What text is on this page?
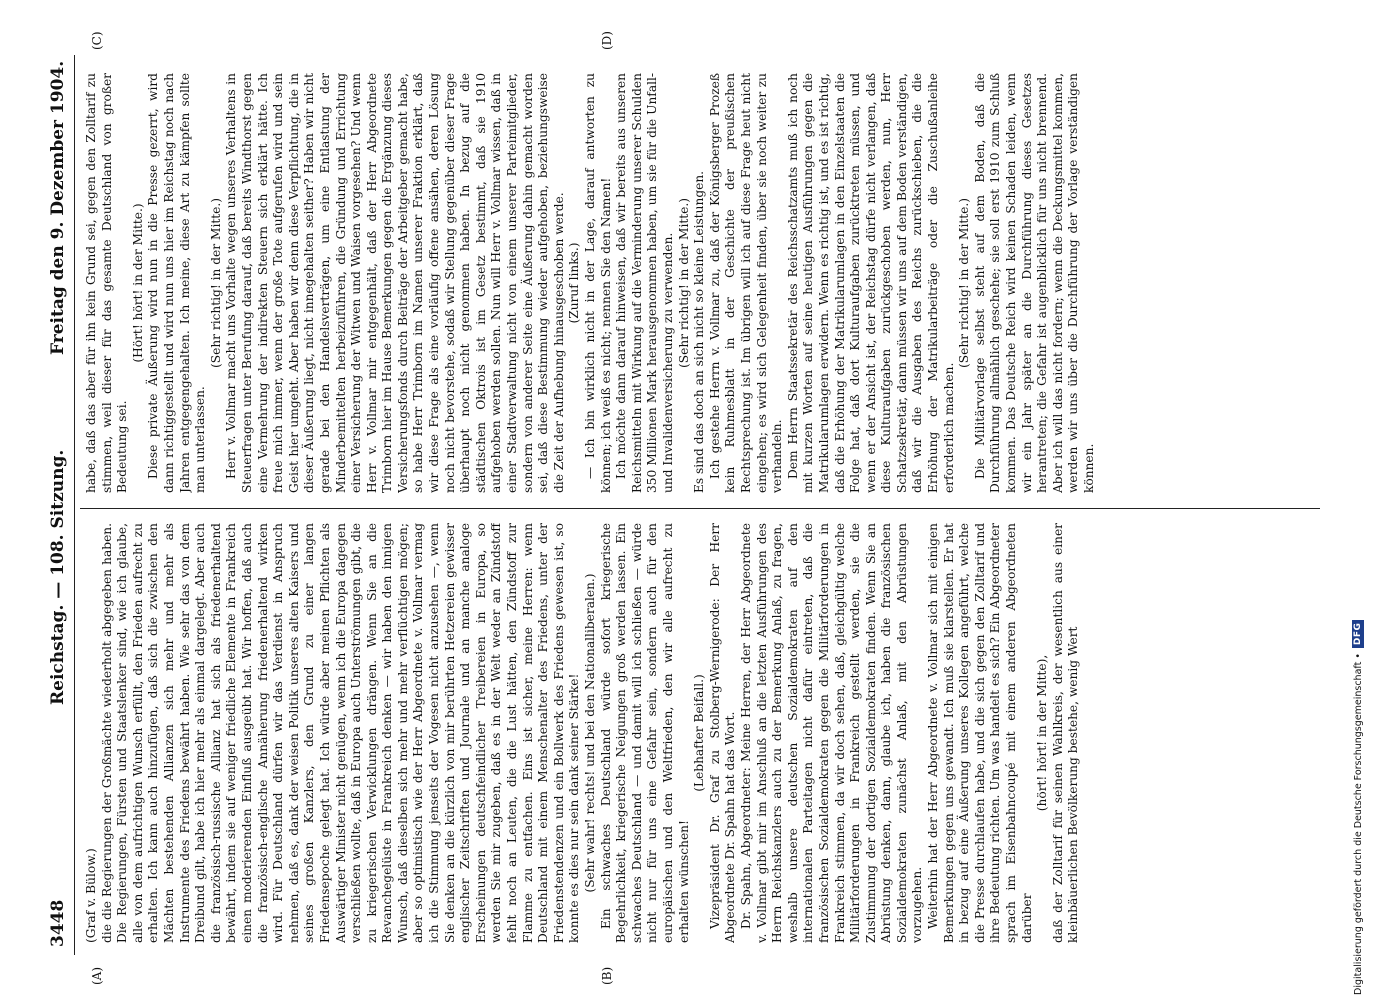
3448
Reichstag. — 108. Sitzung.
Freitag den 9. Dezember 1904.
(A)	(B)
(C)	(D)

(Graf v. Bülow.) die die Regierungen der Großmächte wiederholt abgegeben haben. Die Regierungen, Fürsten und Staatslenker sind, wie ich glaube, alle von dem aufrichtigen Wunsch erfüllt, den Frieden aufrecht zu erhalten. Ich kann auch hinzufügen, daß sich die zwischen den Mächten bestehenden Allianzen sich mehr und mehr als Instrumente des Friedens bewährt haben. Wie sehr das von dem Dreibund gilt, habe ich hier mehr als einmal dargelegt. Aber auch die französisch-russische Allianz hat sich als friedenerhaltend bewährt, indem sie auf weniger friedliche Elemente in Frankreich einen moderierenden Einfluß ausgeübt hat. Wir hoffen, daß auch die französisch-englische Annäherung friedenerhaltend wirken wird. Für Deutschland dürfen wir das Verdienst in Anspruch nehmen, daß es, dank der weisen Politik unseres alten Kaisers und seines großen Kanzlers, den Grund zu einer langen Friedensepoche gelegt hat. Ich würde aber meinen Pflichten als Auswärtiger Minister nicht genügen, wenn ich die Europa dagegen verschließen wollte, daß in Europa auch Unterströmungen gibt, die zu kriegerischen Verwicklungen drängen. Wenn Sie an die Revanchegelüste in Frankreich denken — wir haben den innigen Wunsch, daß dieselben sich mehr und mehr verflüchtigen mögen; aber so optimistisch wie der Herr Abgeordnete v. Vollmar vermag ich die Stimmung jenseits der Vogesen nicht anzusehen —, wenn Sie denken an die kürzlich von mir berührten Hetzereien gewisser englischer Zeitschriften und Journale und an manche analoge Erscheinungen deutschfeindlicher Treibereien in Europa, so werden Sie mir zugeben, daß es in der Welt weder an Zündstoff fehlt noch an Leuten, die die Lust hätten, den Zündstoff zur Flamme zu entfachen. Eins ist sicher, meine Herren: wenn Deutschland mit einem Menschenalter des Friedens, unter der Friedenstendenzen und ein Bollwerk des Friedens gewesen ist, so konnte es dies nur sein dank seiner Stärke! (Sehr wahr! rechts! und bei den Nationalliberalen.) Ein schwaches Deutschland würde sofort kriegerische Begehrlichkeit, kriegerische Neigungen groß werden lassen. Ein schwaches Deutschland — und damit will ich schließen — würde nicht nur für uns eine Gefahr sein, sondern auch für den europäischen und den Weltfrieden, den wir alle aufrecht zu erhalten wünschen!

(Lebhafter Beifall.) Vizepräsident Dr. Graf zu Stolberg-Wernigerode: Der Herr Abgeordnete Dr. Spahn hat das Wort. Dr. Spahn, Abgeordneter: Meine Herren, der Herr Abgeordnete v. Vollmar gibt mir im Anschluß an die letzten Ausführungen des Herrn Reichskanzlers auch zu der Bemerkung Anlaß, zu fragen, weshalb unsere deutschen Sozialdemokraten auf den internationalen Parteitagen nicht dafür eintreten, daß die französischen Sozialdemokraten gegen die Militärforderungen in Frankreich stimmen, da wir doch sehen, daß, gleichgültig welche Militärforderungen in Frankreich gestellt werden, sie die Zustimmung der dortigen Sozialdemokraten finden. Wenn Sie an Abrüstung denken, dann, glaube ich, haben die französischen Sozialdemokraten zunächst Anlaß, mit den Abrüstungen vorzugehen. Weiterhin hat der Herr Abgeordnete v. Vollmar sich mit einigen Bemerkungen gegen uns gewandt. Ich muß sie klarstellen. Er hat in bezug auf eine Äußerung unseres Kollegen angeführt, welche die Presse durchlaufen habe, und die sich gegen den Zolltarif und ihre Bedeutung richten. Um was handelt es sich? Ein Abgeordneter sprach im Eisenbahncoupé mit einem anderen Abgeordneten darüber

(hört! hört! in der Mitte), daß der Zolltarif für seinen Wahlkreis, der wesentlich aus einer kleinbäuerlichen Bevölkerung bestehe, wenig Wert

habe, daß das aber für ihn kein Grund sei, gegen den Zolltarif zu stimmen, weil dieser für das gesamte Deutschland von großer Bedeutung sei.

(Hört! hört! in der Mitte.) Diese private Äußerung wird nun in die Presse gezerrt, wird dann richtiggestellt und wird nun uns hier im Reichstag noch nach Jahren entgegengehalten. Ich meine, diese Art zu kämpfen sollte man unterlassen.

(Sehr richtig! in der Mitte.) Herr v. Vollmar macht uns Vorhalte wegen unseres Verhaltens in Steuerfragen unter Berufung darauf, daß bereits Windthorst gegen eine Vermehrung der indirekten Steuern sich erklärt hätte. Ich freue mich immer, wenn der große Tote aufgerufen wird und sein Geist hier umgeht. Aber haben wir denn diese Verpflichtung, die in dieser Äußerung liegt, nicht innegehalten seither? Haben wir nicht gerade bei den Handelsverträgen, um eine Entlastung der Minderbemittelten herbeizuführen, die Gründung und Errichtung einer Versicherung der Witwen und Waisen vorgesehen? Und wenn Herr v. Vollmar mir entgegenhält, daß der Herr Abgeordnete Trimborn hier im Hause Bemerkungen gegen die Ergänzung dieses Versicherungsfonds durch Beiträge der Arbeitgeber gemacht habe, so habe Herr Trimborn im Namen unserer Fraktion erklärt, daß wir diese Frage als eine vorläufig offene ansähen, deren Lösung noch nicht bevorstehe, sodaß wir Stellung gegenüber dieser Frage überhaupt noch nicht genommen haben. In bezug auf die städtischen Oktrois ist im Gesetz bestimmt, daß sie 1910 aufgehoben werden sollen. Nun will Herr v. Vollmar wissen, daß in einer Stadtverwaltung nicht von einem unserer Parteimitglieder, sondern von anderer Seite eine Äußerung dahin gemacht worden sei, daß diese Bestimmung wieder aufgehoben, beziehungsweise die Zeit der Aufhebung hinausgeschoben werde. (Zuruf links.) — Ich bin wirklich nicht in der Lage, darauf antworten zu können; ich weiß es nicht; nennen Sie den Namen! Ich möchte dann darauf hinweisen, daß wir bereits aus unseren Reichsmitteln mit Wirkung auf die Verminderung unserer Schulden 350 Millionen Mark herausgenommen haben, um sie für die Unfall- und Invalidenversicherung zu verwenden. (Sehr richtig! in der Mitte.) Es sind das doch an sich nicht so kleine Leistungen. Ich gestehe Herrn v. Vollmar zu, daß der Königsberger Prozeß kein Ruhmesblatt in der Geschichte der preußischen Rechtsprechung ist. Im übrigen will ich auf diese Frage heut nicht eingehen; es wird sich Gelegenheit finden, über sie noch weiter zu verhandeln. Dem Herrn Staatssekretär des Reichsschatzamts muß ich noch mit kurzen Worten auf seine heutigen Ausführungen gegen die Matrikularumlagen erwidern. Wenn es richtig ist, und es ist richtig, daß die Erhöhung der Matrikularumlagen in den Einzelstaaten die Folge hat, daß dort Kulturaufgaben zurücktreten müssen, und wenn er der Ansicht ist, der Reichstag dürfe nicht verlangen, daß diese Kulturaufgaben zurückgeschoben werden, nun, Herr Schatzsekretär, dann müssen wir uns auf dem Boden verständigen, daß wir die Ausgaben des Reichs zurückschieben, die die Erhöhung der Matrikularbeiträge oder die Zuschußanleihe erforderlich machen.

(Sehr richtig! in der Mitte.) Die Militärvorlage selbst steht auf dem Boden, daß die Durchführung allmählich geschehe; sie soll erst 1910 zum Schluß kommen. Das Deutsche Reich wird keinen Schaden leiden, wenn wir ein Jahr später an die Durchführung dieses Gesetzes herantreten; die Gefahr ist augenblicklich für uns nicht brennend. Aber ich will das nicht fordern; wenn die Deckungsmittel kommen, werden wir uns über die Durchführung der Vorlage verständigen können.

Digitalisierung gefördert durch die Deutsche Forschungsgemeinschaft •
DFG
